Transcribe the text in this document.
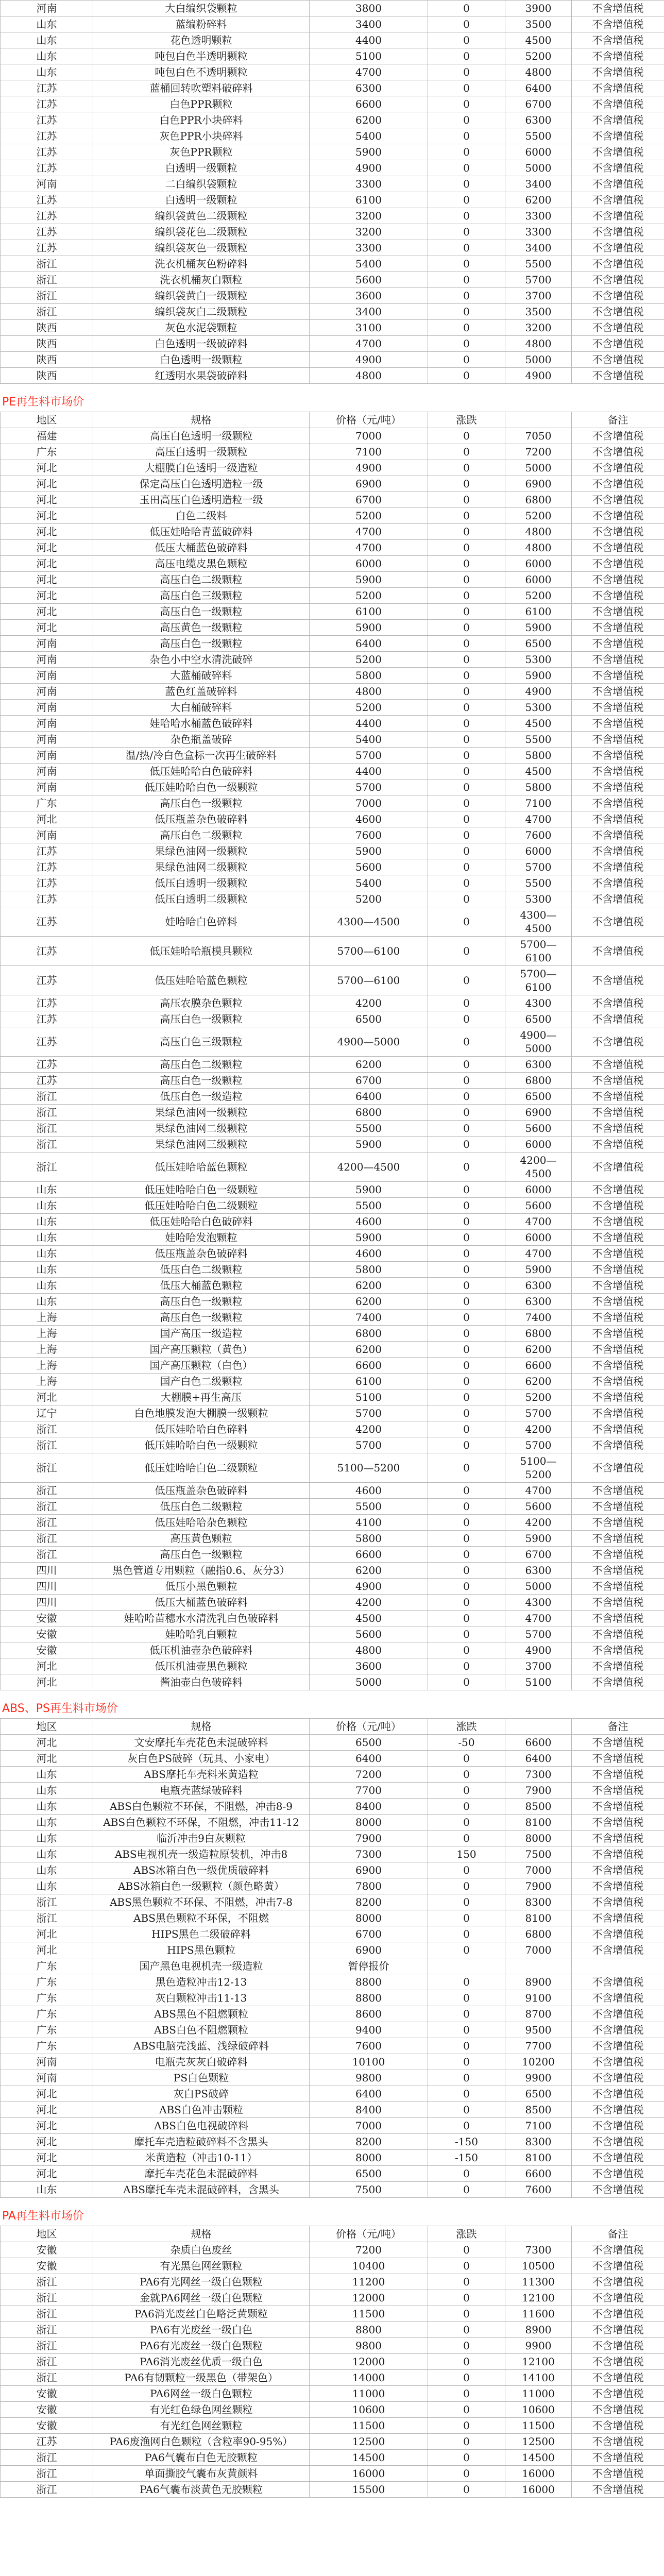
河南	大白编织袋颗粒	3800	0	3900	不含增值税
山东	蓝编粉碎料	3400	0	3500	不含增值税
山东	花色透明颗粒	4400	0	4500	不含增值税
山东	吨包白色半透明颗粒	5100	0	5200	不含增值税
山东	吨包白色不透明颗粒	4700	0	4800	不含增值税
江苏	蓝桶回转吹塑料破碎料	6300	0	6400	不含增值税
江苏	白色PPR颗粒	6600	0	6700	不含增值税
江苏	白色PPR小块碎料	6200	0	6300	不含增值税
江苏	灰色PPR小块碎料	5400	0	5500	不含增值税
江苏	灰色PPR颗粒	5900	0	6000	不含增值税
江苏	白透明一级颗粒	4900	0	5000	不含增值税
河南	二白编织袋颗粒	3300	0	3400	不含增值税
江苏	白透明一级颗粒	6100	0	6200	不含增值税
江苏	编织袋黄色二级颗粒	3200	0	3300	不含增值税
江苏	编织袋花色二级颗粒	3200	0	3300	不含增值税
江苏	编织袋灰色一级颗粒	3300	0	3400	不含增值税
浙江	洗衣机桶灰色粉碎料	5400	0	5500	不含增值税
浙江	洗衣机桶灰白颗粒	5600	0	5700	不含增值税
浙江	编织袋黄白一级颗粒	3600	0	3700	不含增值税
浙江	编织袋灰白二级颗粒	3400	0	3500	不含增值税
陕西	灰色水泥袋颗粒	3100	0	3200	不含增值税
陕西	白色透明一级破碎料	4700	0	4800	不含增值税
陕西	白色透明一级颗粒	4900	0	5000	不含增值税
陕西	红透明水果袋破碎料	4800	0	4900	不含增值税
PE再生料市场价
地区	规格	价格（元/吨）	涨跌		备注
福建	高压白色透明一级颗粒	7000	0	7050	不含增值税
广东	高压白透明一级颗粒	7100	0	7200	不含增值税
河北	大棚膜白色透明一级造粒	4900	0	5000	不含增值税
河北	保定高压白色透明造粒一级	6900	0	6900	不含增值税
河北	玉田高压白色透明造粒一级	6700	0	6800	不含增值税
河北	白色二级料	5200	0	5200	不含增值税
河北	低压娃哈哈青蓝破碎料	4700	0	4800	不含增值税
河北	低压大桶蓝色破碎料	4700	0	4800	不含增值税
河北	高压电缆皮黑色颗粒	6000	0	6000	不含增值税
河北	高压白色二级颗粒	5900	0	6000	不含增值税
河北	高压白色三级颗粒	5200	0	5200	不含增值税
河北	高压白色一级颗粒	6100	0	6100	不含增值税
河北	高压黄色一级颗粒	5900	0	5900	不含增值税
河南	高压白色一级颗粒	6400	0	6500	不含增值税
河南	杂色小中空水清洗破碎	5200	0	5300	不含增值税
河南	大蓝桶破碎料	5800	0	5900	不含增值税
河南	蓝色红盖破碎料	4800	0	4900	不含增值税
河南	大白桶破碎料	5200	0	5300	不含增值税
河南	娃哈哈水桶蓝色破碎料	4400	0	4500	不含增值税
河南	杂色瓶盖破碎	5400	0	5500	不含增值税
河南	温/热/冷白色盒标一次再生破碎料	5700	0	5800	不含增值税
河南	低压娃哈哈白色破碎料	4400	0	4500	不含增值税
河南	低压娃哈哈白色一级颗粒	5700	0	5800	不含增值税
广东	高压白色一级颗粒	7000	0	7100	不含增值税
河北	低压瓶盖杂色破碎料	4600	0	4700	不含增值税
河南	高压白色二级颗粒	7600	0	7600	不含增值税
江苏	果绿色油网一级颗粒	5900	0	6000	不含增值税
江苏	果绿色油网二级颗粒	5600	0	5700	不含增值税
江苏	低压白透明一级颗粒	5400	0	5500	不含增值税
江苏	低压白透明二级颗粒	5200	0	5300	不含增值税
江苏	娃哈哈白色碎料	4300—4500	0	4300—4500	不含增值税
江苏	低压娃哈哈瓶模具颗粒	5700—6100	0	5700—6100	不含增值税
江苏	低压娃哈哈蓝色颗粒	5700—6100	0	5700—6100	不含增值税
江苏	高压农膜杂色颗粒	4200	0	4300	不含增值税
江苏	高压白色一级颗粒	6500	0	6500	不含增值税
江苏	高压白色三级颗粒	4900—5000	0	4900—5000	不含增值税
江苏	高压白色二级颗粒	6200	0	6300	不含增值税
江苏	高压白色一级颗粒	6700	0	6800	不含增值税
浙江	低压白色一级造粒	6400	0	6500	不含增值税
浙江	果绿色油网一级颗粒	6800	0	6900	不含增值税
浙江	果绿色油网二级颗粒	5500	0	5600	不含增值税
浙江	果绿色油网三级颗粒	5900	0	6000	不含增值税
浙江	低压娃哈哈蓝色颗粒	4200—4500	0	4200—4500	不含增值税
山东	低压娃哈哈白色一级颗粒	5900	0	6000	不含增值税
山东	低压娃哈哈白色二级颗粒	5500	0	5600	不含增值税
山东	低压娃哈哈白色破碎料	4600	0	4700	不含增值税
山东	娃哈哈发泡颗粒	5900	0	6000	不含增值税
山东	低压瓶盖杂色破碎料	4600	0	4700	不含增值税
山东	低压白色二级颗粒	5800	0	5900	不含增值税
山东	低压大桶蓝色颗粒	6200	0	6300	不含增值税
山东	高压白色一级颗粒	6200	0	6300	不含增值税
上海	高压白色一级颗粒	7400	0	7400	不含增值税
上海	国产高压一级造粒	6800	0	6800	不含增值税
上海	国产高压颗粒（黄色）	6200	0	6200	不含增值税
上海	国产高压颗粒（白色）	6600	0	6600	不含增值税
上海	国产白色二级颗粒	6100	0	6200	不含增值税
河北	大棚膜+再生高压	5100	0	5200	不含增值税
辽宁	白色地膜发泡大棚膜一级颗粒	5700	0	5700	不含增值税
浙江	低压娃哈哈白色碎料	4200	0	4200	不含增值税
浙江	低压娃哈哈白色一级颗粒	5700	0	5700	不含增值税
浙江	低压娃哈哈白色二级颗粒	5100—5200	0	5100—5200	不含增值税
浙江	低压瓶盖杂色破碎料	4600	0	4700	不含增值税
浙江	低压白色二级颗粒	5500	0	5600	不含增值税
浙江	低压娃哈哈杂色颗粒	4100	0	4200	不含增值税
浙江	高压黄色颗粒	5800	0	5900	不含增值税
浙江	高压白色一级颗粒	6600	0	6700	不含增值税
四川	黑色管道专用颗粒（融指0.6、灰分3）	6200	0	6300	不含增值税
四川	低压小黑色颗粒	4900	0	5000	不含增值税
四川	低压大桶蓝色破碎料	4200	0	4300	不含增值税
安徽	娃哈哈苗穗水水清洗乳白色破碎料	4500	0	4700	不含增值税
安徽	娃哈哈乳白颗粒	5600	0	5700	不含增值税
安徽	低压机油壶杂色破碎料	4800	0	4900	不含增值税
河北	低压机油壶黑色颗粒	3600	0	3700	不含增值税
河北	酱油壶白色破碎料	5000	0	5100	不含增值税
ABS、PS再生料市场价
地区	规格	价格（元/吨）	涨跌		备注
河北	文安摩托车壳花色未混破碎料	6500	-50	6600	不含增值税
河北	灰白色PS破碎（玩具、小家电）	6400	0	6400	不含增值税
山东	ABS摩托车壳料米黄造粒	7200	0	7300	不含增值税
山东	电瓶壳蓝绿破碎料	7700	0	7900	不含增值税
山东	ABS白色颗粒不环保，不阻燃，冲击8-9	8400	0	8500	不含增值税
山东	ABS白色颗粒不环保，不阻燃，冲击11-12	8000	0	8100	不含增值税
山东	临沂冲击9白灰颗粒	7900	0	8000	不含增值税
山东	ABS电视机壳一级造粒原装机，冲击8	7300	150	7500	不含增值税
山东	ABS冰箱白色一级优质破碎料	6900	0	7000	不含增值税
山东	ABS冰箱白色一级颗粒（颜色略黄）	7800	0	7900	不含增值税
浙江	ABS黑色颗粒不环保、不阻燃，冲击7-8	8200	0	8300	不含增值税
浙江	ABS黑色颗粒不环保，不阻燃	8000	0	8100	不含增值税
河北	HIPS黑色二级破碎料	6700	0	6800	不含增值税
河北	HIPS黑色颗粒	6900	0	7000	不含增值税
广东	国产黑色电视机壳一级造粒	暂停报价			
广东	黑色造粒冲击12-13	8800	0	8900	不含增值税
广东	灰白颗粒冲击11-13	8800	0	9100	不含增值税
广东	ABS黑色不阻燃颗粒	8600	0	8700	不含增值税
广东	ABS白色不阻燃颗粒	9400	0	9500	不含增值税
广东	ABS电脑壳浅蓝、浅绿破碎料	7600	0	7700	不含增值税
河南	电瓶壳灰灰白破碎料	10100	0	10200	不含增值税
河南	PS白色颗粒	9800	0	9900	不含增值税
河北	灰白PS破碎	6400	0	6500	不含增值税
河北	ABS白色冲击颗粒	8400	0	8500	不含增值税
河北	ABS白色电视破碎料	7000	0	7100	不含增值税
河北	摩托车壳造粒破碎料不含黑头	8200	-150	8300	不含增值税
河北	米黄造粒（冲击10-11）	8000	-150	8100	不含增值税
河北	摩托车壳花色未混破碎料	6500	0	6600	不含增值税
山东	ABS摩托车壳未混破碎料，含黑头	7500	0	7600	不含增值税
PA再生料市场价
地区	规格	价格（元/吨）	涨跌		备注
安徽	杂质白色废丝	7200	0	7300	不含增值税
安徽	有光黑色网丝颗粒	10400	0	10500	不含增值税
浙江	PA6有光网丝一级白色颗粒	11200	0	11300	不含增值税
浙江	金就PA6网丝一级白色颗粒	12000	0	12100	不含增值税
浙江	PA6消光废丝白色略泛黄颗粒	11500	0	11600	不含增值税
浙江	PA6有光废丝一级白色	8800	0	8900	不含增值税
浙江	PA6有光废丝一级白色颗粒	9800	0	9900	不含增值税
浙江	PA6消光废丝优质一级白色	12000	0	12100	不含增值税
浙江	PA6有韧颗粒一级黑色（带架色）	14000	0	14100	不含增值税
安徽	PA6网丝一级白色颗粒	11000	0	11000	不含增值税
安徽	有光红色绿色网丝颗粒	10600	0	10600	不含增值税
安徽	有光红色网丝颗粒	11500	0	11500	不含增值税
江苏	PA6废渔网白色颗粒（含粒率90-95%）	12500	0	12500	不含增值税
浙江	PA6气囊布白色无胶颗粒	14500	0	14500	不含增值税
浙江	单面撕胶气囊布灰黄颜料	16000	0	16000	不含增值税
浙江	PA6气囊布淡黄色无胶颗粒	15500	0	16000	不含增值税
